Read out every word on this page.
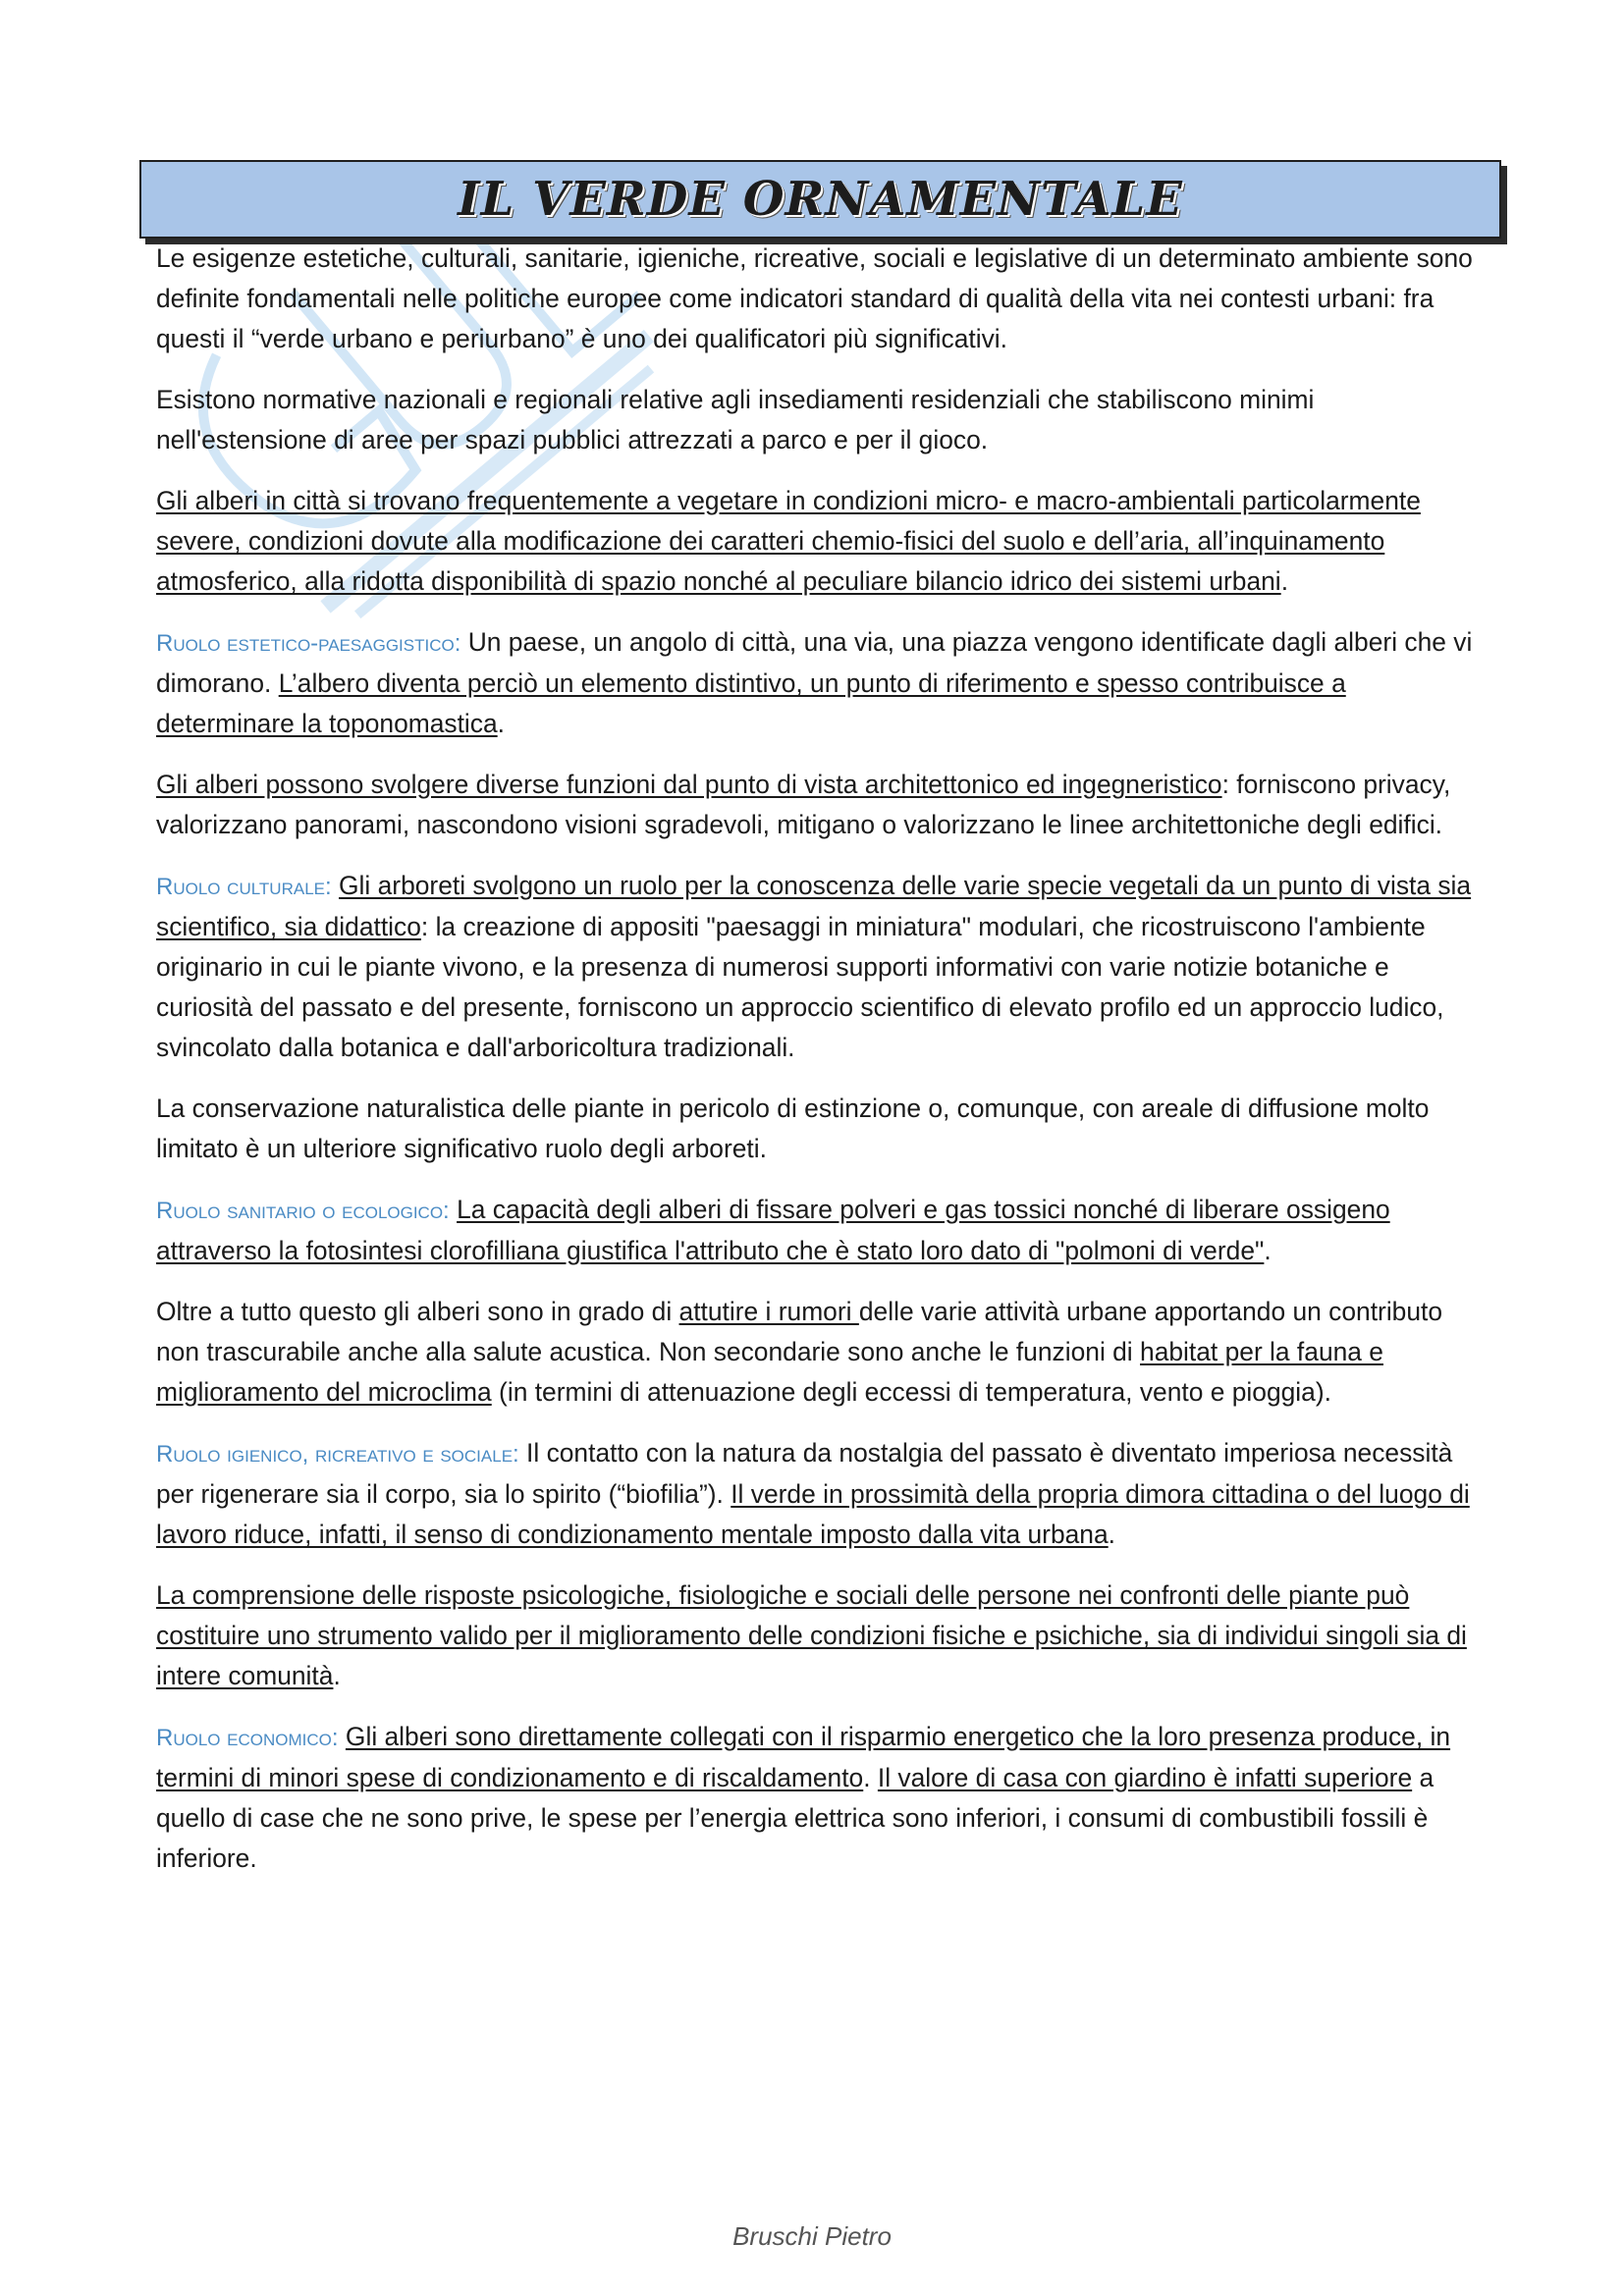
IL VERDE ORNAMENTALE

Le esigenze estetiche, culturali, sanitarie, igieniche, ricreative, sociali e legislative di un determinato ambiente sono definite fondamentali nelle politiche europee come indicatori standard di qualità della vita nei contesti urbani: fra questi il “verde urbano e periurbano” è uno dei qualificatori più significativi.

Esistono normative nazionali e regionali relative agli insediamenti residenziali che stabiliscono minimi nell'estensione di aree per spazi pubblici attrezzati a parco e per il gioco.

Gli alberi in città si trovano frequentemente a vegetare in condizioni micro- e macro-ambientali particolarmente severe, condizioni dovute alla modificazione dei caratteri chemio-fisici del suolo e dell’aria, all’inquinamento atmosferico, alla ridotta disponibilità di spazio nonché al peculiare bilancio idrico dei sistemi urbani.

Ruolo estetico-paesaggistico: Un paese, un angolo di città, una via, una piazza vengono identificate dagli alberi che vi dimorano. L’albero diventa perciò un elemento distintivo, un punto di riferimento e spesso contribuisce a determinare la toponomastica.

Gli alberi possono svolgere diverse funzioni dal punto di vista architettonico ed ingegneristico: forniscono privacy, valorizzano panorami, nascondono visioni sgradevoli, mitigano o valorizzano le linee architettoniche degli edifici.

Ruolo culturale: Gli arboreti svolgono un ruolo per la conoscenza delle varie specie vegetali da un punto di vista sia scientifico, sia didattico: la creazione di appositi "paesaggi in miniatura" modulari, che ricostruiscono l'ambiente originario in cui le piante vivono, e la presenza di numerosi supporti informativi con varie notizie botaniche e curiosità del passato e del presente, forniscono un approccio scientifico di elevato profilo ed un approccio ludico, svincolato dalla botanica e dall'arboricoltura tradizionali.

La conservazione naturalistica delle piante in pericolo di estinzione o, comunque, con areale di diffusione molto limitato è un ulteriore significativo ruolo degli arboreti.

Ruolo sanitario o ecologico: La capacità degli alberi di fissare polveri e gas tossici nonché di liberare ossigeno attraverso la fotosintesi clorofilliana giustifica l'attributo che è stato loro dato di "polmoni di verde".

Oltre a tutto questo gli alberi sono in grado di attutire i rumori delle varie attività urbane apportando un contributo non trascurabile anche alla salute acustica. Non secondarie sono anche le funzioni di habitat per la fauna e miglioramento del microclima (in termini di attenuazione degli eccessi di temperatura, vento e pioggia).

Ruolo igienico, ricreativo e sociale: Il contatto con la natura da nostalgia del passato è diventato imperiosa necessità per rigenerare sia il corpo, sia lo spirito (“biofilia”). Il verde in prossimità della propria dimora cittadina o del luogo di lavoro riduce, infatti, il senso di condizionamento mentale imposto dalla vita urbana.

La comprensione delle risposte psicologiche, fisiologiche e sociali delle persone nei confronti delle piante può costituire uno strumento valido per il miglioramento delle condizioni fisiche e psichiche, sia di individui singoli sia di intere comunità.

Ruolo economico: Gli alberi sono direttamente collegati con il risparmio energetico che la loro presenza produce, in termini di minori spese di condizionamento e di riscaldamento. Il valore di casa con giardino è infatti superiore a quello di case che ne sono prive, le spese per l’energia elettrica sono inferiori, i consumi di combustibili fossili è inferiore.

Bruschi Pietro
